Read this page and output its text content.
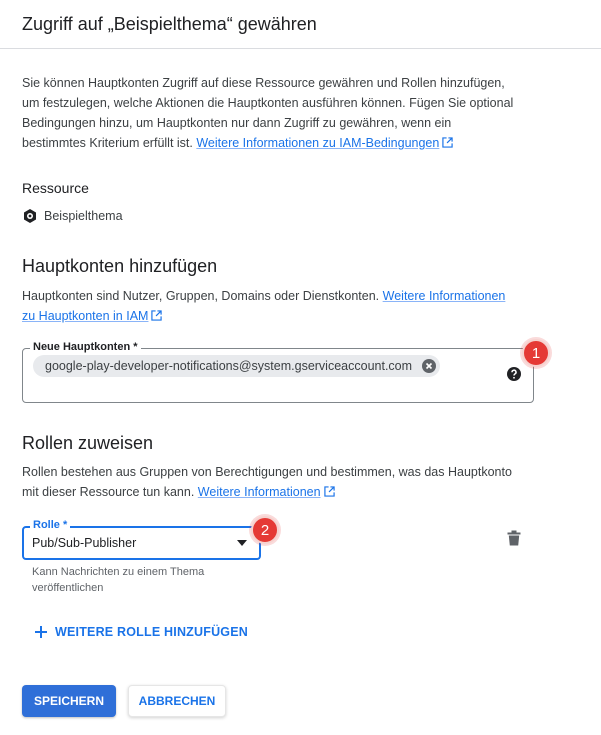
Zugriff auf „Beispielthema“ gewähren
Sie können Hauptkonten Zugriff auf diese Ressource gewähren und Rollen hinzufügen,
um festzulegen, welche Aktionen die Hauptkonten ausführen können. Fügen Sie optional
Bedingungen hinzu, um Hauptkonten nur dann Zugriff zu gewähren, wenn ein
bestimmtes Kriterium erfüllt ist. Weitere Informationen zu IAM-Bedingungen
Ressource
Beispielthema
Hauptkonten hinzufügen
Hauptkonten sind Nutzer, Gruppen, Domains oder Dienstkonten. Weitere Informationen
zu Hauptkonten in IAM
Neue Hauptkonten *
google-play-developer-notifications@system.gserviceaccount.com
1
Rollen zuweisen
Rollen bestehen aus Gruppen von Berechtigungen und bestimmen, was das Hauptkonto
mit dieser Ressource tun kann. Weitere Informationen
Rolle *
Pub/Sub-Publisher
2
Kann Nachrichten zu einem Thema
veröffentlichen
WEITERE ROLLE HINZUFÜGEN
SPEICHERN	ABBRECHEN
